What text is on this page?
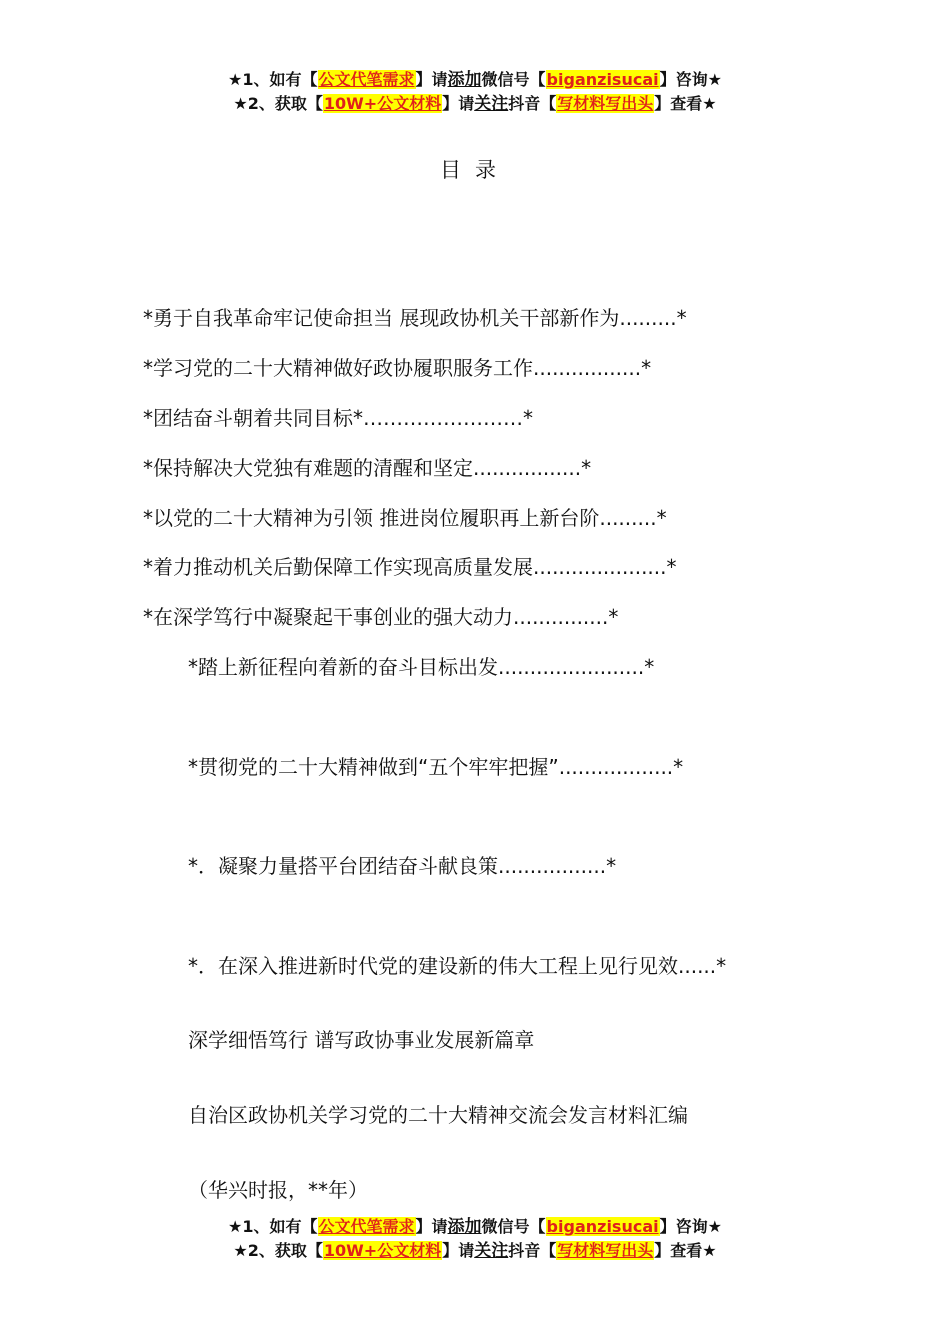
★1、如有【公文代笔需求】请添加微信号【biganzisucai】咨询★
★2、获取【10W+公文材料】请关注抖音【写材料写出头】查看★
目录
*勇于自我革命牢记使命担当 展现政协机关干部新作为.........*
*学习党的二十大精神做好政协履职服务工作.................*
*团结奋斗朝着共同目标*……………………*
*保持解决大党独有难题的清醒和坚定.................*
*以党的二十大精神为引领 推进岗位履职再上新台阶.........*
*着力推动机关后勤保障工作实现高质量发展.....................*
*在深学笃行中凝聚起干事创业的强大动力...............*
*踏上新征程向着新的奋斗目标出发.......................*
*贯彻党的二十大精神做到“五个牢牢把握”..................*
*．凝聚力量搭平台团结奋斗献良策.................*
*．在深入推进新时代党的建设新的伟大工程上见行见效......*
深学细悟笃行 谱写政协事业发展新篇章
自治区政协机关学习党的二十大精神交流会发言材料汇编
（华兴时报，**年）
★1、如有【公文代笔需求】请添加微信号【biganzisucai】咨询★
★2、获取【10W+公文材料】请关注抖音【写材料写出头】查看★
